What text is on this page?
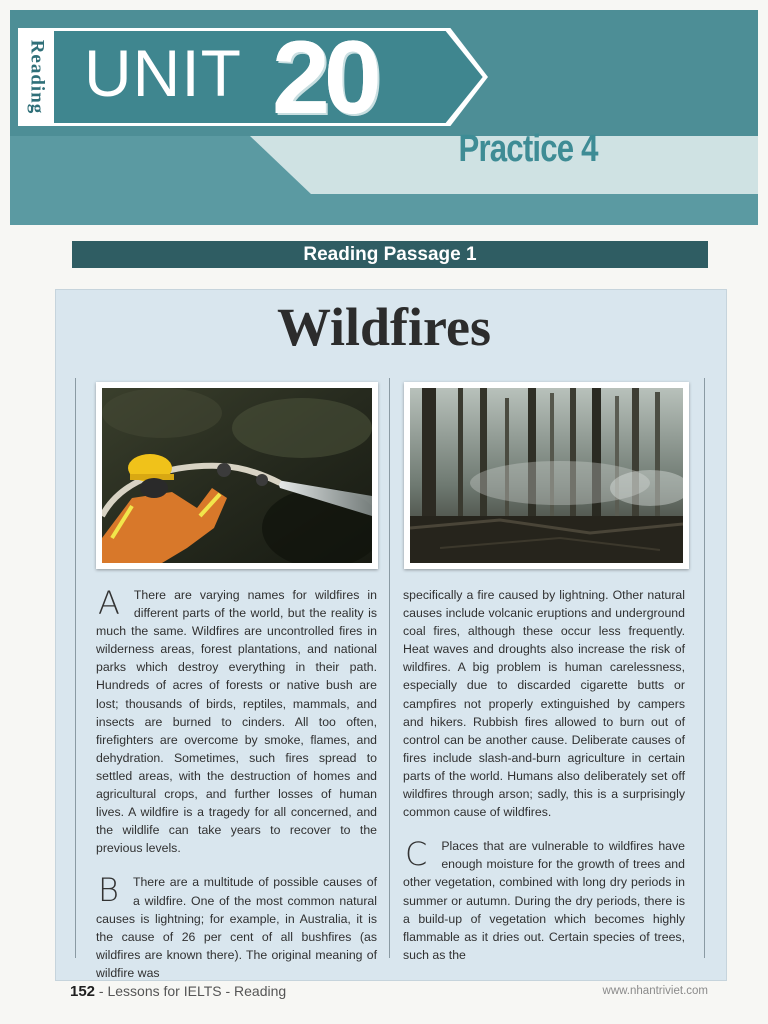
Reading UNIT 20
Practice 4
Reading Passage 1
Wildfires

A There are varying names for wildfires in different parts of the world, but the reality is much the same. Wildfires are uncontrolled fires in wilderness areas, forest plantations, and national parks which destroy everything in their path. Hundreds of acres of forests or native bush are lost; thousands of birds, reptiles, mammals, and insects are burned to cinders. All too often, firefighters are overcome by smoke, flames, and dehydration. Sometimes, such fires spread to settled areas, with the destruction of homes and agricultural crops, and further losses of human lives. A wildfire is a tragedy for all concerned, and the wildlife can take years to recover to the previous levels.

B There are a multitude of possible causes of a wildfire. One of the most common natural causes is lightning; for example, in Australia, it is the cause of 26 per cent of all bushfires (as wildfires are known there). The original meaning of wildfire was

specifically a fire caused by lightning. Other natural causes include volcanic eruptions and underground coal fires, although these occur less frequently. Heat waves and droughts also increase the risk of wildfires. A big problem is human carelessness, especially due to discarded cigarette butts or campfires not properly extinguished by campers and hikers. Rubbish fires allowed to burn out of control can be another cause. Deliberate causes of fires include slash-and-burn agriculture in certain parts of the world. Humans also deliberately set off wildfires through arson; sadly, this is a surprisingly common cause of wildfires.

C Places that are vulnerable to wildfires have enough moisture for the growth of trees and other vegetation, combined with long dry periods in summer or autumn. During the dry periods, there is a build-up of vegetation which becomes highly flammable as it dries out. Certain species of trees, such as the

152 - Lessons for IELTS - Reading	www.nhantriviet.com
